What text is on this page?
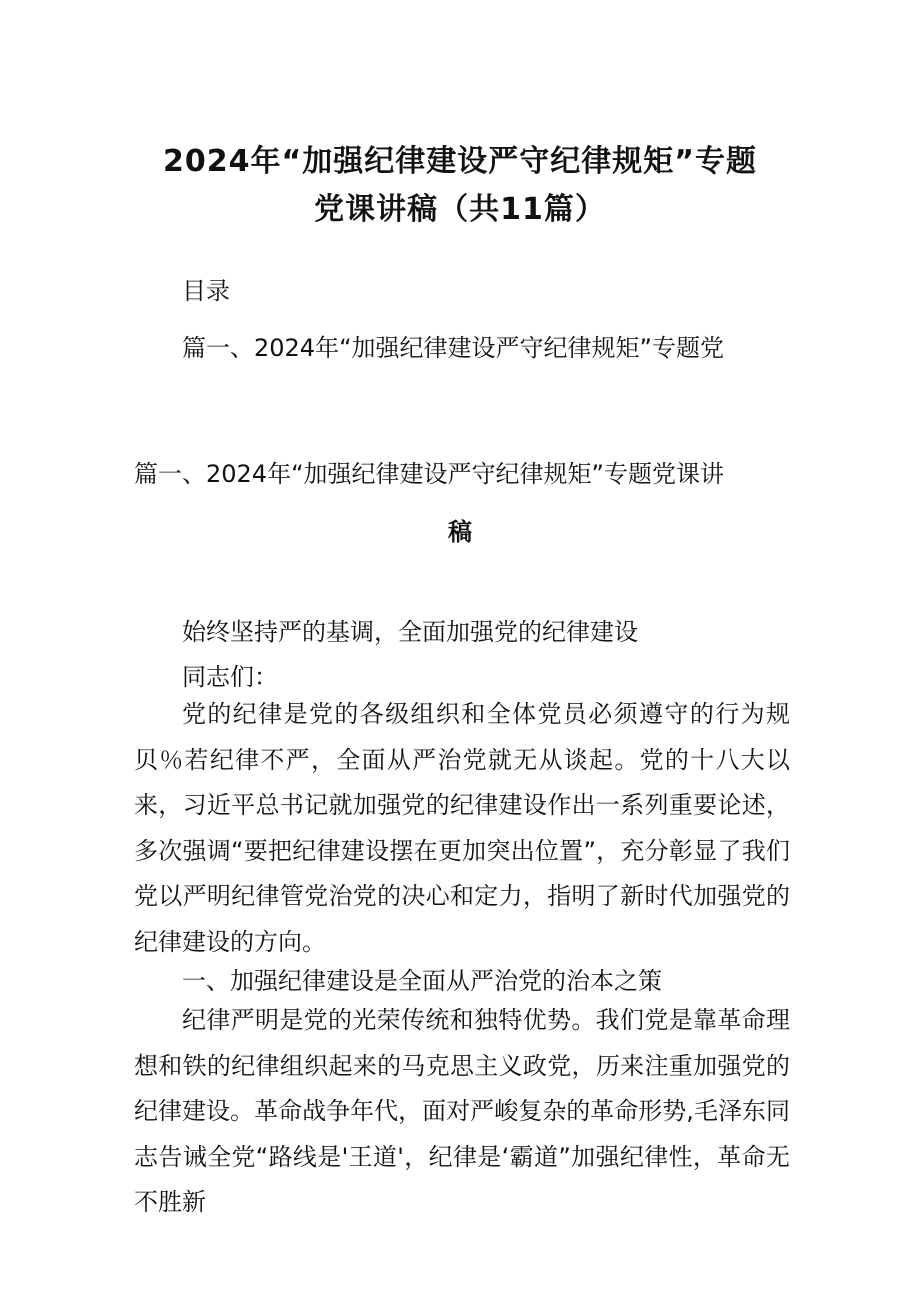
2024年“加强纪律建设严守纪律规矩”专题
党课讲稿（共11篇）
目录
篇一、2024年“加强纪律建设严守纪律规矩”专题党
篇一、2024年“加强纪律建设严守纪律规矩”专题党课讲
稿
始终坚持严的基调，全面加强党的纪律建设
同志们：
党的纪律是党的各级组织和全体党员必须遵守的行为规贝％若纪律不严，全面从严治党就无从谈起。党的十八大以来，习近平总书记就加强党的纪律建设作出一系列重要论述，多次强调“要把纪律建设摆在更加突出位置”，充分彰显了我们党以严明纪律管党治党的决心和定力，指明了新时代加强党的纪律建设的方向。
一、加强纪律建设是全面从严治党的治本之策
纪律严明是党的光荣传统和独特优势。我们党是靠革命理想和铁的纪律组织起来的马克思主义政党，历来注重加强党的纪律建设。革命战争年代，面对严峻复杂的革命形势,毛泽东同志告诫全党“路线是'王道'，纪律是‘霸道”加强纪律性，革命无不胜新
